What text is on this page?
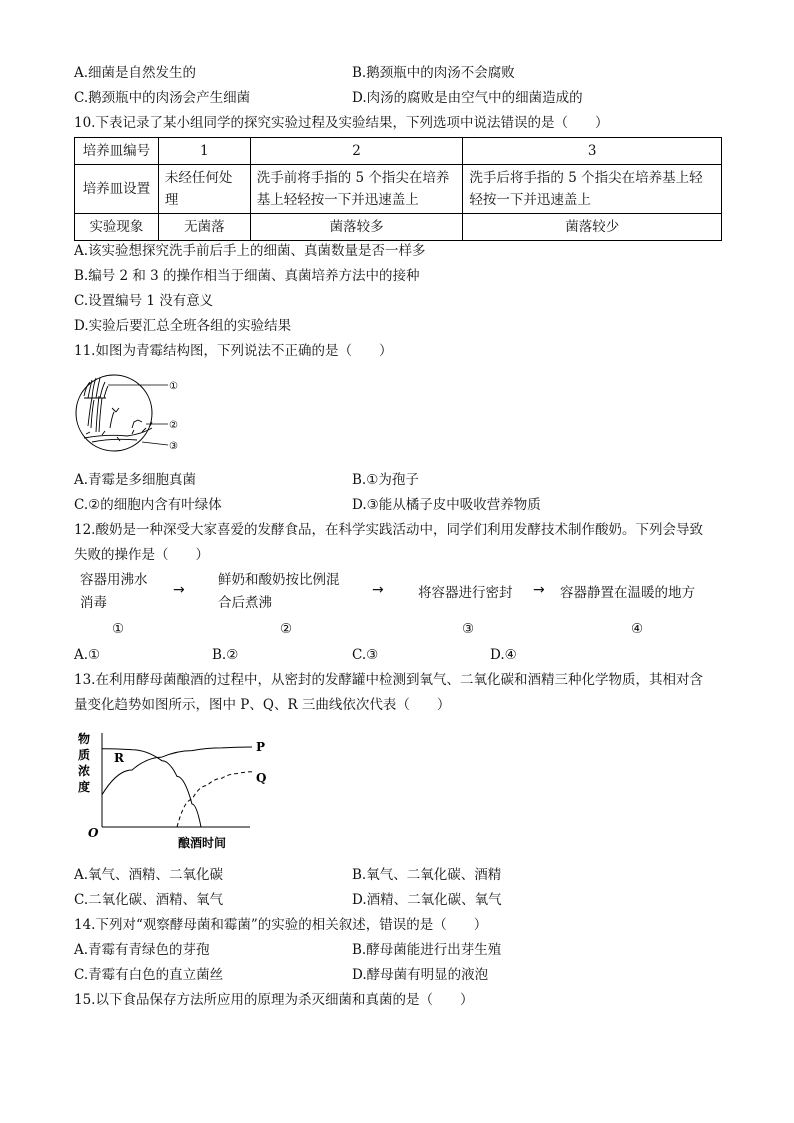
A.细菌是自然发生的	B.鹅颈瓶中的肉汤不会腐败
C.鹅颈瓶中的肉汤会产生细菌	D.肉汤的腐败是由空气中的细菌造成的
10.下表记录了某小组同学的探究实验过程及实验结果，下列选项中说法错误的是（　　）
培养皿编号	1	2	3
培养皿设置	未经任何处理	洗手前将手指的 5 个指尖在培养基上轻轻按一下并迅速盖上	洗手后将手指的 5 个指尖在培养基上轻轻按一下并迅速盖上
实验现象	无菌落	菌落较多	菌落较少
A.该实验想探究洗手前后手上的细菌、真菌数量是否一样多
B.编号 2 和 3 的操作相当于细菌、真菌培养方法中的接种
C.设置编号 1 没有意义
D.实验后要汇总全班各组的实验结果
11.如图为青霉结构图，下列说法不正确的是（　　）
①
②
③
A.青霉是多细胞真菌	B.①为孢子
C.②的细胞内含有叶绿体	D.③能从橘子皮中吸收营养物质
12.酸奶是一种深受大家喜爱的发酵食品，在科学实践活动中，同学们利用发酵技术制作酸奶。下列会导致
失败的操作是（　　）
容器用沸水
消毒
→
鲜奶和酸奶按比例混
合后煮沸
→	将容器进行密封 → 容器静置在温暖的地方
①	②	③	④
A.①	B.②	C.③	D.④
13.在利用酵母菌酿酒的过程中，从密封的发酵罐中检测到氧气、二氧化碳和酒精三种化学物质，其相对含
量变化趋势如图所示，图中 P、Q、R 三曲线依次代表（　　）
物
质
浓
度
O
酿酒时间
P
Q
R
A.氧气、酒精、二氧化碳	B.氧气、二氧化碳、酒精
C.二氧化碳、酒精、氧气	D.酒精、二氧化碳、氧气
14.下列对“观察酵母菌和霉菌”的实验的相关叙述，错误的是（　　）
A.青霉有青绿色的芽孢	B.酵母菌能进行出芽生殖
C.青霉有白色的直立菌丝	D.酵母菌有明显的液泡
15.以下食品保存方法所应用的原理为杀灭细菌和真菌的是（　　）
